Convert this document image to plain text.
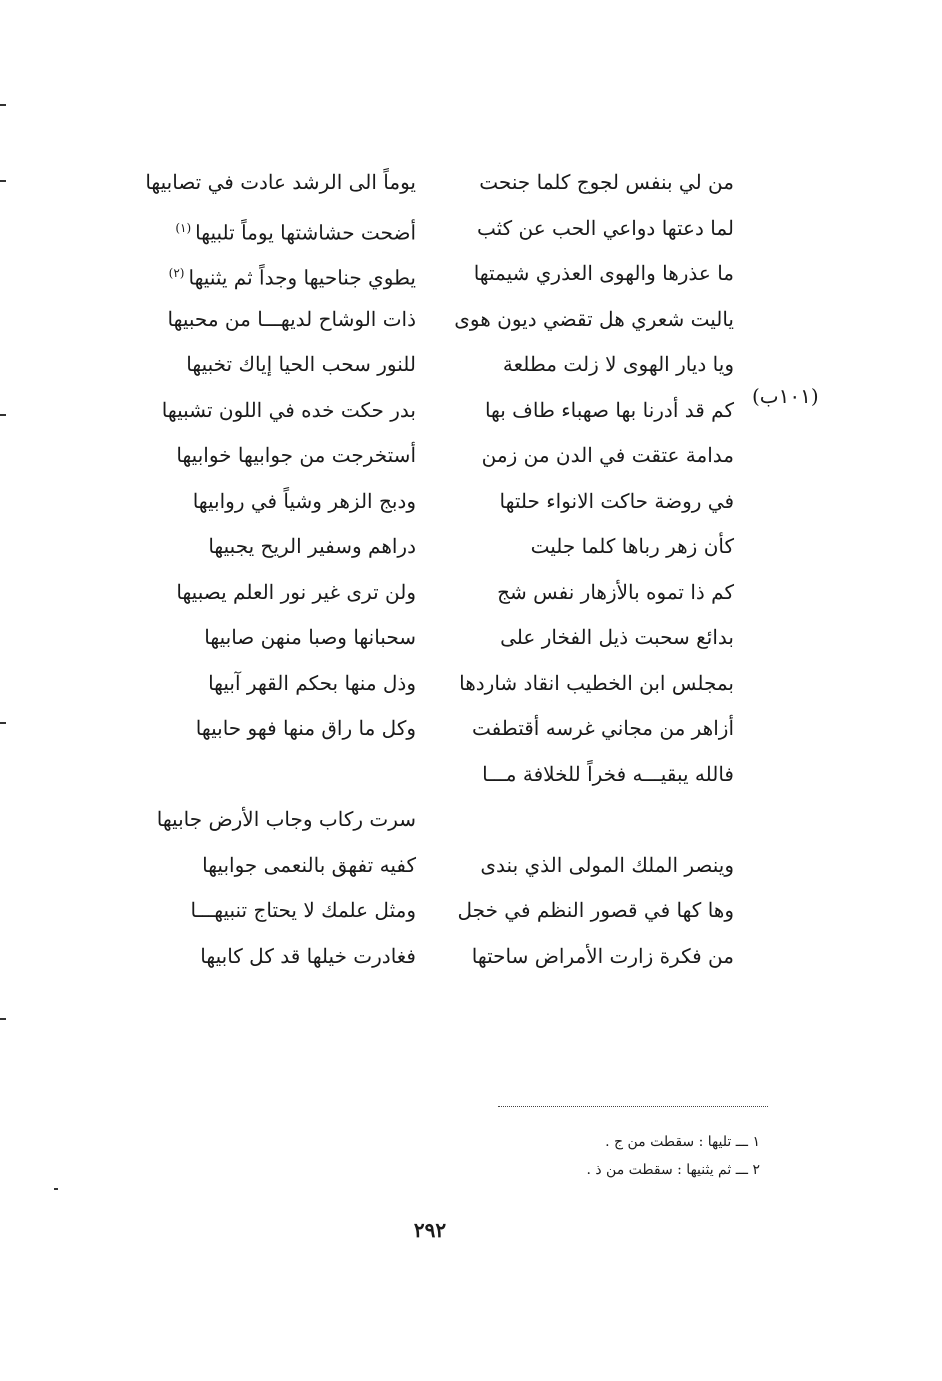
من لي بنفس لجوج كلما جنحت
يوماً الى الرشد عادت في تصابيها
لما دعتها دواعي الحب عن كثب
أضحت حشاشتها يوماً تلبيها$^{(١)}$
ما عذرها والهوى العذري شيمتها
يطوي جناحيها وجداً ثم يثنيها$^{(٢)}$
ياليت شعري هل تقضي ديون هوى
ذات الوشاح لديهـــا من محبيها
ويا ديار الهوى لا زلت مطلعة
للنور سحب الحيا إياك تخبيها
كم قد أدرنا بها صهباء طاف بها
بدر حكت خده في اللون تشبيها
مدامة عتقت في الدن من زمن
أستخرجت من جوابيها خوابيها
في روضة حاكت الانواء حلتها
ودبج الزهر وشياً في روابيها
كأن زهر رباها كلما جليت
دراهم وسفير الريح يجبيها
كم ذا تموه بالأزهار نفس شج
ولن ترى غير نور العلم يصبيها
بدائع سحبت ذيل الفخار على
سحبانها وصبا منهن صابيها
بمجلس ابن الخطيب انقاد شاردها
وذل منها بحكم القهر آبيها
أزاهر من مجاني غرسه أقتطفت
وكل ما راق منها فهو حابيها
فالله يبقيـــه فخراً للخلافة مـــا
سرت ركاب وجاب الأرض جابيها
وينصر الملك المولى الذي بندى
كفيه تفهق بالنعمى جوابيها
وها كها في قصور النظم في خجل
ومثل علمك لا يحتاج تنبيهـــا
من فكرة زارت الأمراض ساحتها
فغادرت خيلها قد كل كابيها
(١٠١ب)
١ ـــ تليها : سقطت من ج .
٢ ـــ ثم يثنيها : سقطت من ذ .
٢٩٢
